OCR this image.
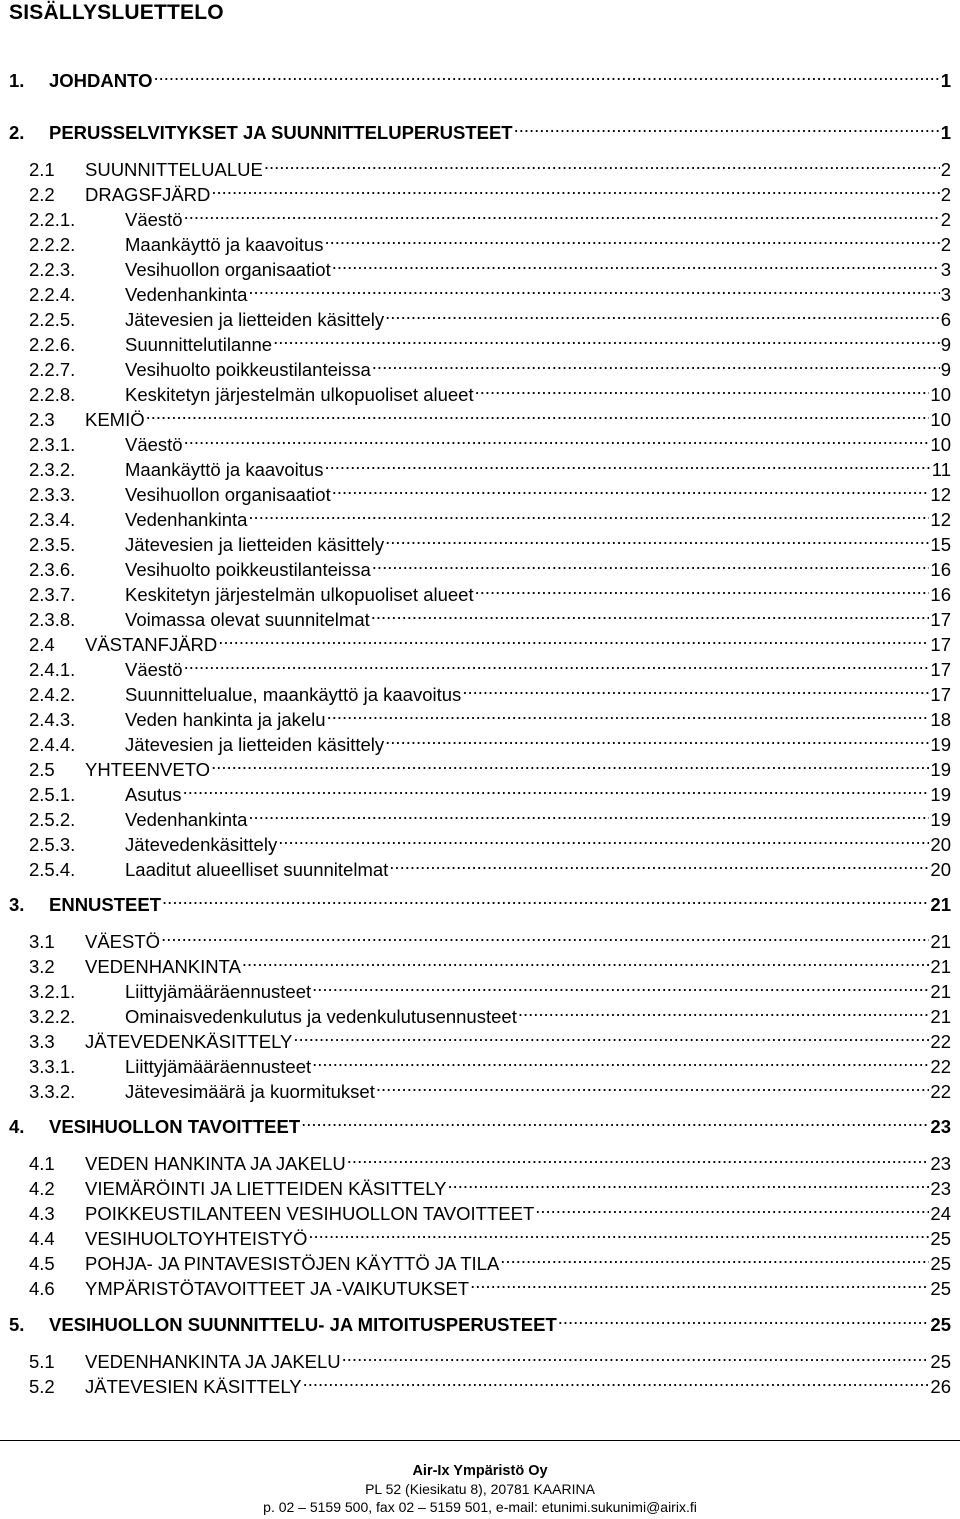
SISÄLLYSLUETTELO
1.	JOHDANTO .....	1
2.	PERUSSELVITYKSET JA SUUNNITTELUPERUSTEET .....	1
2.1	SUUNNITTELUALUE .....	2
2.2	DRAGSFJÄRD .....	2
2.2.1.	Väestö .....	2
2.2.2.	Maankäyttö ja kaavoitus .....	2
2.2.3.	Vesihuollon organisaatiot .....	3
2.2.4.	Vedenhankinta .....	3
2.2.5.	Jätevesien ja lietteiden käsittely .....	6
2.2.6.	Suunnittelutilanne .....	9
2.2.7.	Vesihuolto poikkeustilanteissa .....	9
2.2.8.	Keskitetyn järjestelmän ulkopuoliset alueet .....	10
2.3	KEMIÖ .....	10
2.3.1.	Väestö .....	10
2.3.2.	Maankäyttö ja kaavoitus .....	11
2.3.3.	Vesihuollon organisaatiot .....	12
2.3.4.	Vedenhankinta .....	12
2.3.5.	Jätevesien ja lietteiden käsittely .....	15
2.3.6.	Vesihuolto poikkeustilanteissa .....	16
2.3.7.	Keskitetyn järjestelmän ulkopuoliset alueet .....	16
2.3.8.	Voimassa olevat suunnitelmat .....	17
2.4	VÄSTANFJÄRD .....	17
2.4.1.	Väestö .....	17
2.4.2.	Suunnittelualue, maankäyttö ja kaavoitus .....	17
2.4.3.	Veden hankinta ja jakelu .....	18
2.4.4.	Jätevesien ja lietteiden käsittely .....	19
2.5	YHTEENVETO .....	19
2.5.1.	Asutus .....	19
2.5.2.	Vedenhankinta .....	19
2.5.3.	Jätevedenkäsittely .....	20
2.5.4.	Laaditut alueelliset suunnitelmat .....	20
3.	ENNUSTEET .....	21
3.1	VÄESTÖ .....	21
3.2	VEDENHANKINTA .....	21
3.2.1.	Liittyjämääräennusteet .....	21
3.2.2.	Ominaisvedenkulutus ja vedenkulutusennusteet .....	21
3.3	JÄTEVEDENKÄSITTELY .....	22
3.3.1.	Liittyjämääräennusteet .....	22
3.3.2.	Jätevesimäärä ja kuormitukset .....	22
4.	VESIHUOLLON TAVOITTEET .....	23
4.1	VEDEN HANKINTA JA JAKELU .....	23
4.2	VIEMÄRÖINTI JA LIETTEIDEN KÄSITTELY .....	23
4.3	POIKKEUSTILANTEEN VESIHUOLLON TAVOITTEET .....	24
4.4	VESIHUOLTOYHTEISTYÖ .....	25
4.5	POHJA- JA PINTAVESISTÖJEN KÄYTTÖ JA TILA .....	25
4.6	YMPÄRISTÖTAVOITTEET JA -VAIKUTUKSET .....	25
5.	VESIHUOLLON SUUNNITTELU- JA MITOITUSPERUSTEET .....	25
5.1	VEDENHANKINTA JA JAKELU .....	25
5.2	JÄTEVESIEN KÄSITTELY .....	26
Air-Ix Ympäristö Oy
PL 52 (Kiesikatu 8), 20781 KAARINA
p. 02 – 5159 500, fax 02 – 5159 501, e-mail: etunimi.sukunimi@airix.fi
